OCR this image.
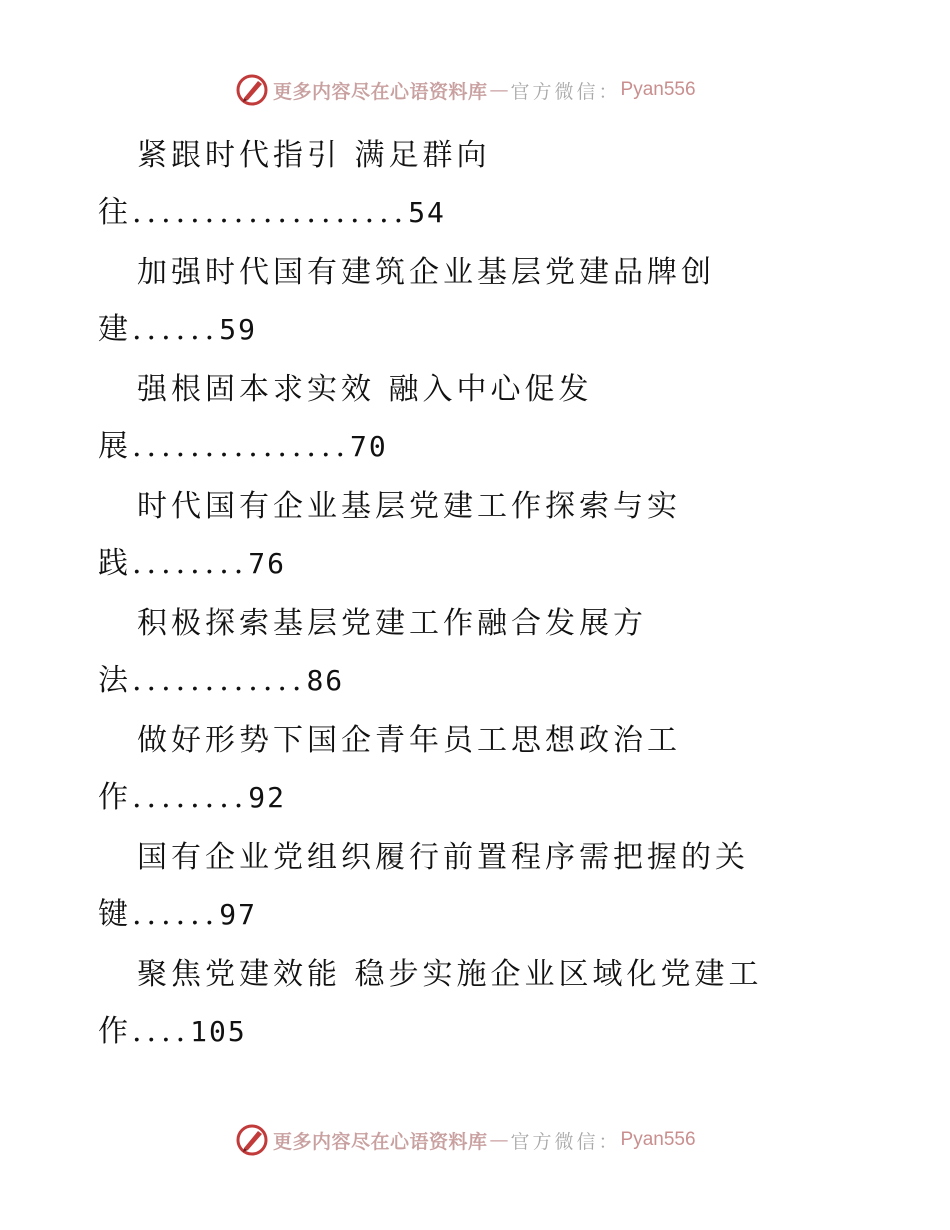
更多内容尽在心语资料库 — 官方微信： Pyan556
紧跟时代指引 满足群向
往...................54
加强时代国有建筑企业基层党建品牌创
建......59
强根固本求实效 融入中心促发
展...............70
时代国有企业基层党建工作探索与实
践........76
积极探索基层党建工作融合发展方
法............86
做好形势下国企青年员工思想政治工
作........92
国有企业党组织履行前置程序需把握的关
键......97
聚焦党建效能 稳步实施企业区域化党建工
作....105
更多内容尽在心语资料库 — 官方微信： Pyan556
